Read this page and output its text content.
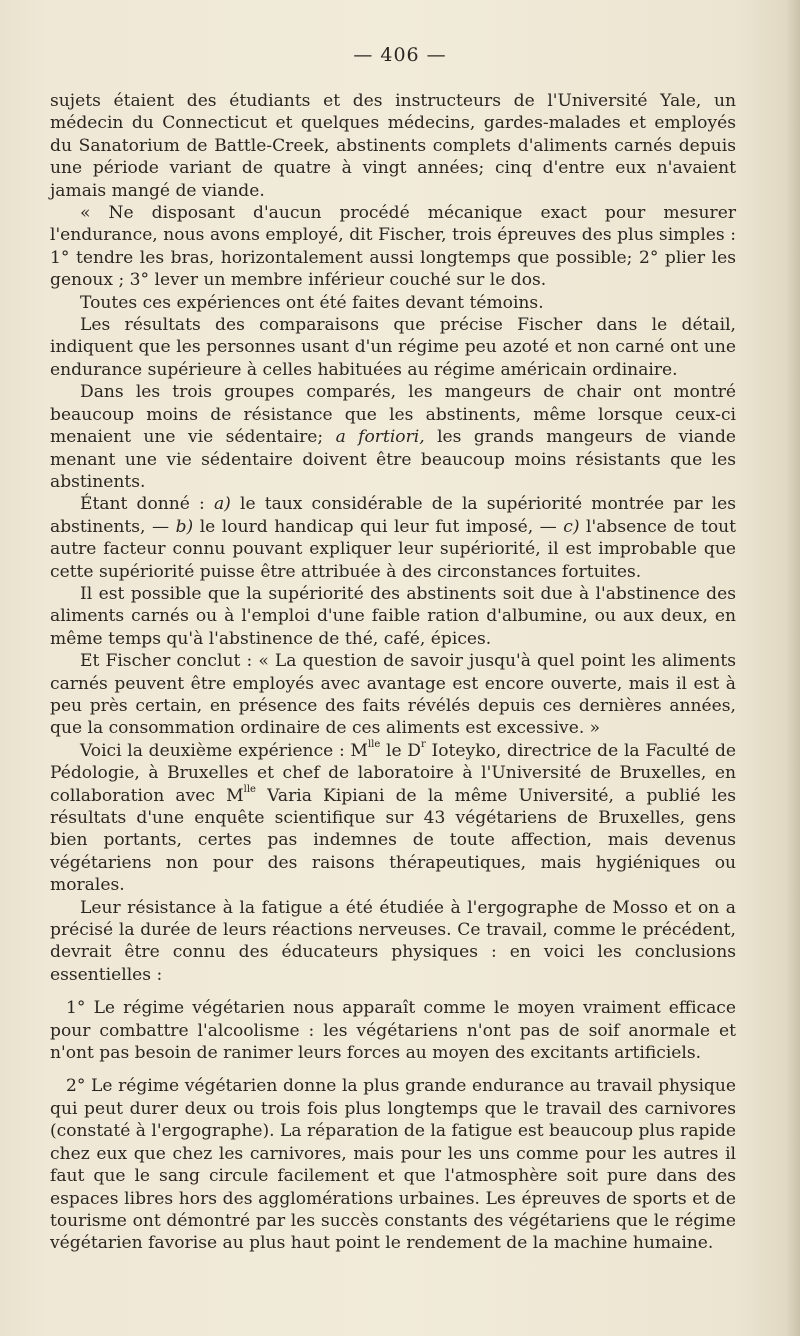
— 406 —

sujets étaient des étudiants et des instructeurs de l'Université Yale, un médecin du Connecticut et quelques médecins, gardes-malades et employés du Sanatorium de Battle-Creek, abstinents complets d'aliments carnés depuis une période variant de quatre à vingt années; cinq d'entre eux n'avaient jamais mangé de viande.

« Ne disposant d'aucun procédé mécanique exact pour mesurer l'endurance, nous avons employé, dit Fischer, trois épreuves des plus simples : 1° tendre les bras, horizontalement aussi longtemps que possible; 2° plier les genoux ; 3° lever un membre inférieur couché sur le dos.

Toutes ces expériences ont été faites devant témoins.

Les résultats des comparaisons que précise Fischer dans le détail, indiquent que les personnes usant d'un régime peu azoté et non carné ont une endurance supérieure à celles habituées au régime américain ordinaire.

Dans les trois groupes comparés, les mangeurs de chair ont montré beaucoup moins de résistance que les abstinents, même lorsque ceux-ci menaient une vie sédentaire; a fortiori, les grands mangeurs de viande menant une vie sédentaire doivent être beaucoup moins résistants que les abstinents.

Étant donné : a) le taux considérable de la supériorité montrée par les abstinents, — b) le lourd handicap qui leur fut imposé, — c) l'absence de tout autre facteur connu pouvant expliquer leur supériorité, il est improbable que cette supériorité puisse être attribuée à des circonstances fortuites.

Il est possible que la supériorité des abstinents soit due à l'abstinence des aliments carnés ou à l'emploi d'une faible ration d'albumine, ou aux deux, en même temps qu'à l'abstinence de thé, café, épices.

Et Fischer conclut : « La question de savoir jusqu'à quel point les aliments carnés peuvent être employés avec avantage est encore ouverte, mais il est à peu près certain, en présence des faits révélés depuis ces dernières années, que la consommation ordinaire de ces aliments est excessive. »

Voici la deuxième expérience : $M^{lle}$ le $D^r$ Ioteyko, directrice de la Faculté de Pédologie, à Bruxelles et chef de laboratoire à l'Université de Bruxelles, en collaboration avec $M^{lle}$ Varia Kipiani de la même Université, a publié les résultats d'une enquête scientifique sur 43 végétariens de Bruxelles, gens bien portants, certes pas indemnes de toute affection, mais devenus végétariens non pour des raisons thérapeutiques, mais hygiéniques ou morales.

Leur résistance à la fatigue a été étudiée à l'ergographe de Mosso et on a précisé la durée de leurs réactions nerveuses. Ce travail, comme le précédent, devrait être connu des éducateurs physiques : en voici les conclusions essentielles :

1° Le régime végétarien nous apparaît comme le moyen vraiment efficace pour combattre l'alcoolisme : les végétariens n'ont pas de soif anormale et n'ont pas besoin de ranimer leurs forces au moyen des excitants artificiels.

2° Le régime végétarien donne la plus grande endurance au travail physique qui peut durer deux ou trois fois plus longtemps que le travail des carnivores (constaté à l'ergographe). La réparation de la fatigue est beaucoup plus rapide chez eux que chez les carnivores, mais pour les uns comme pour les autres il faut que le sang circule facilement et que l'atmosphère soit pure dans des espaces libres hors des agglomérations urbaines. Les épreuves de sports et de tourisme ont démontré par les succès constants des végétariens que le régime végétarien favorise au plus haut point le rendement de la machine humaine.
